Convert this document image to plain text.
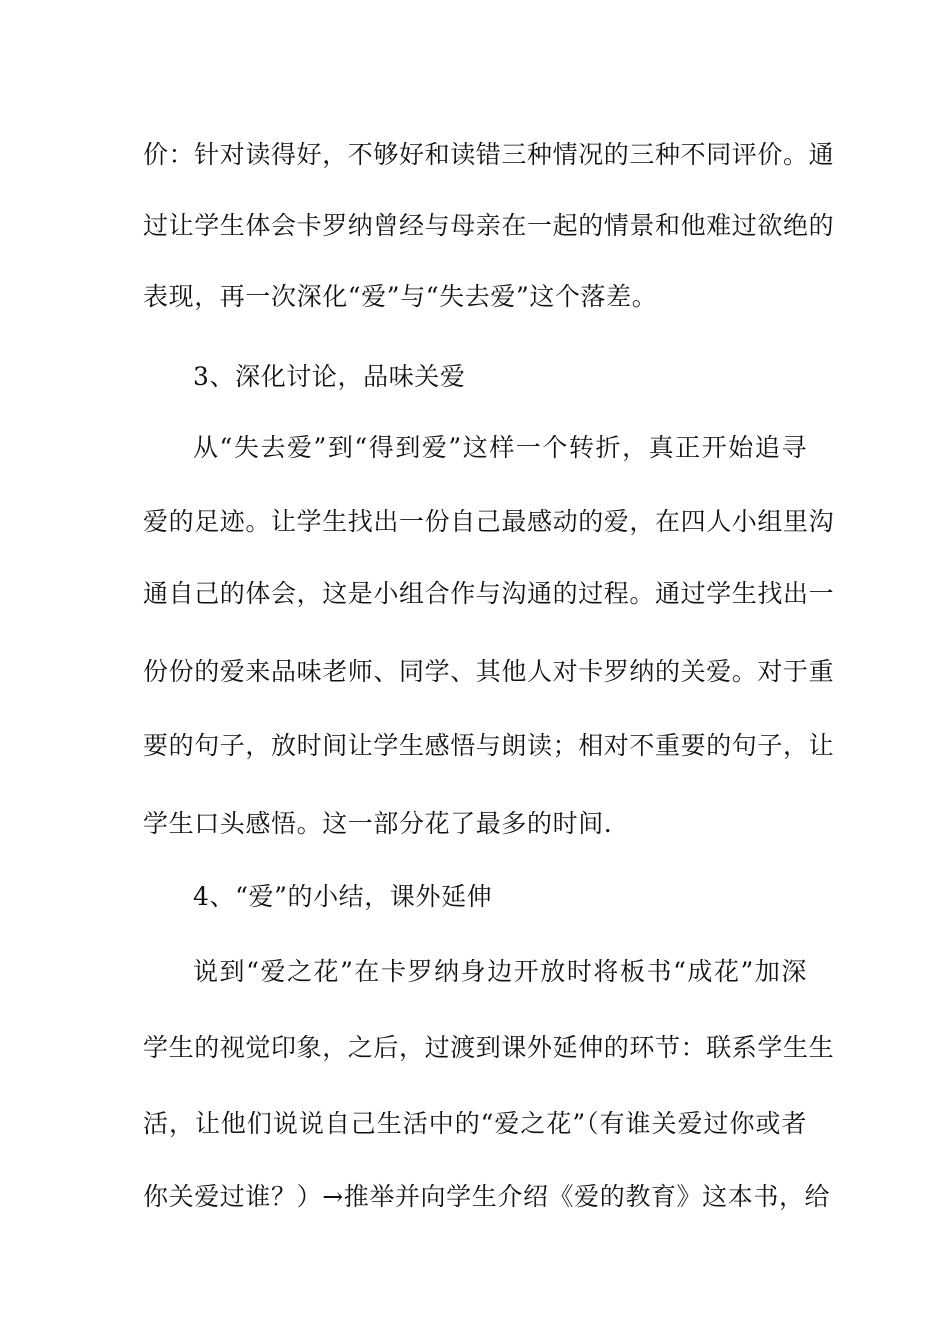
价：针对读得好，不够好和读错三种情况的三种不同评价。通
过让学生体会卡罗纳曾经与母亲在一起的情景和他难过欲绝的
表现，再一次深化“爱”与“失去爱”这个落差。
3、深化讨论，品味关爱
从“失去爱”到“得到爱”这样一个转折，真正开始追寻
爱的足迹。让学生找出一份自己最感动的爱，在四人小组里沟
通自己的体会，这是小组合作与沟通的过程。通过学生找出一
份份的爱来品味老师、同学、其他人对卡罗纳的关爱。对于重
要的句子，放时间让学生感悟与朗读；相对不重要的句子，让
学生口头感悟。这一部分花了最多的时间.
4、“爱”的小结，课外延伸
说到“爱之花”在卡罗纳身边开放时将板书“成花”加深
学生的视觉印象，之后，过渡到课外延伸的环节：联系学生生
活，让他们说说自己生活中的“爱之花”（有谁关爱过你或者
你关爱过谁？）→推举并向学生介绍《爱的教育》这本书，给
